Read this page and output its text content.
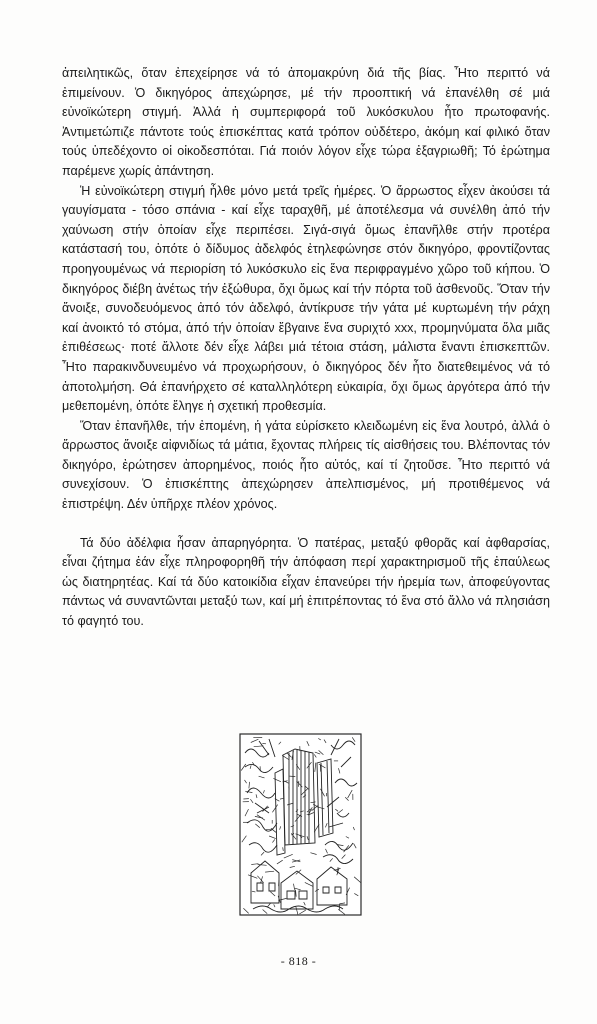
ἀπειλητικῶς, ὅταν ἐπεχείρησε νά τό ἀπομακρύνη διά τῆς βίας. Ἦτο περιττό νά ἐπιμείνουν. Ὁ δικηγόρος ἀπεχώρησε, μέ τήν προοπτική νά ἐπανέλθη σέ μιά εὐνοϊκώτερη στιγμή. Ἀλλά ἡ συμπεριφορά τοῦ λυκόσκυλου ἦτο πρωτοφανής. Ἀντιμετώπιζε πάντοτε τούς ἐπισκέπτας κατά τρόπον οὐδέτερο, ἀκόμη καί φιλικό ὅταν τούς ὑπεδέχοντο οἱ οἰκοδεσπόται. Γιά ποιόν λόγον εἶχε τώρα ἐξαγριωθῆ; Τό ἐρώτημα παρέμενε χωρίς ἀπάντηση.

Ἡ εὐνοϊκώτερη στιγμή ἦλθε μόνο μετά τρεῖς ἡμέρες. Ὁ ἄρρωστος εἶχεν ἀκούσει τά γαυγίσματα - τόσο σπάνια - καί εἶχε ταραχθῆ, μέ ἀποτέλεσμα νά συνέλθη ἀπό τήν χαύνωση στήν ὁποίαν εἶχε περιπέσει. Σιγά-σιγά ὅμως ἐπανῆλθε στήν προτέρα κατάστασή του, ὁπότε ὁ δίδυμος ἀδελφός ἐτηλεφώνησε στόν δικηγόρο, φροντίζοντας προηγουμένως νά περιορίση τό λυκόσκυλο εἰς ἕνα περιφραγμένο χῶρο τοῦ κήπου. Ὁ δικηγόρος διέβη ἀνέτως τήν ἐξώθυρα, ὄχι ὅμως καί τήν πόρτα τοῦ ἀσθενοῦς. Ὅταν τήν ἄνοιξε, συνοδευόμενος ἀπό τόν ἀδελφό, ἀντίκρυσε τήν γάτα μέ κυρτωμένη τήν ράχη καί ἀνοικτό τό στόμα, ἀπό τήν ὁποίαν ἔβγαινε ἕνα συριχτό xxx, προμηνύματα ὅλα μιᾶς ἐπιθέσεως· ποτέ ἄλλοτε δέν εἶχε λάβει μιά τέτοια στάση, μάλιστα ἔναντι ἐπισκεπτῶν. Ἦτο παρακινδυνευμένο νά προχωρήσουν, ὁ δικηγόρος δέν ἦτο διατεθειμένος νά τό ἀποτολμήση. Θά ἐπανήρχετο σέ καταλληλότερη εὐκαιρία, ὄχι ὅμως ἀργότερα ἀπό τήν μεθεπομένη, ὁπότε ἔληγε ἡ σχετική προθεσμία.

Ὅταν ἐπανῆλθε, τήν ἐπομένη, ἡ γάτα εὑρίσκετο κλειδωμένη εἰς ἕνα λουτρό, ἀλλά ὁ ἄρρωστος ἄνοιξε αἰφνιδίως τά μάτια, ἔχοντας πλήρεις τίς αἰσθήσεις του. Βλέποντας τόν δικηγόρο, ἐρώτησεν ἀπορημένος, ποιός ἦτο αὐτός, καί τί ζητοῦσε. Ἦτο περιττό νά συνεχίσουν. Ὁ ἐπισκέπτης ἀπεχώρησεν ἀπελπισμένος, μή προτιθέμενος νά ἐπιστρέψη. Δέν ὑπῆρχε πλέον χρόνος.

Τά δύο ἀδέλφια ἦσαν ἀπαρηγόρητα. Ὁ πατέρας, μεταξύ φθορᾶς καί ἀφθαρσίας, εἶναι ζήτημα ἐάν εἶχε πληροφορηθῆ τήν ἀπόφαση περί χαρακτηρισμοῦ τῆς ἐπαύλεως ὡς διατηρητέας. Καί τά δύο κατοικίδια εἶχαν ἐπανεύρει τήν ἠρεμία των, ἀποφεύγοντας πάντως νά συναντῶνται μεταξύ των, καί μή ἐπιτρέποντας τό ἕνα στό ἄλλο νά πλησιάση τό φαγητό του.

- 818 -
